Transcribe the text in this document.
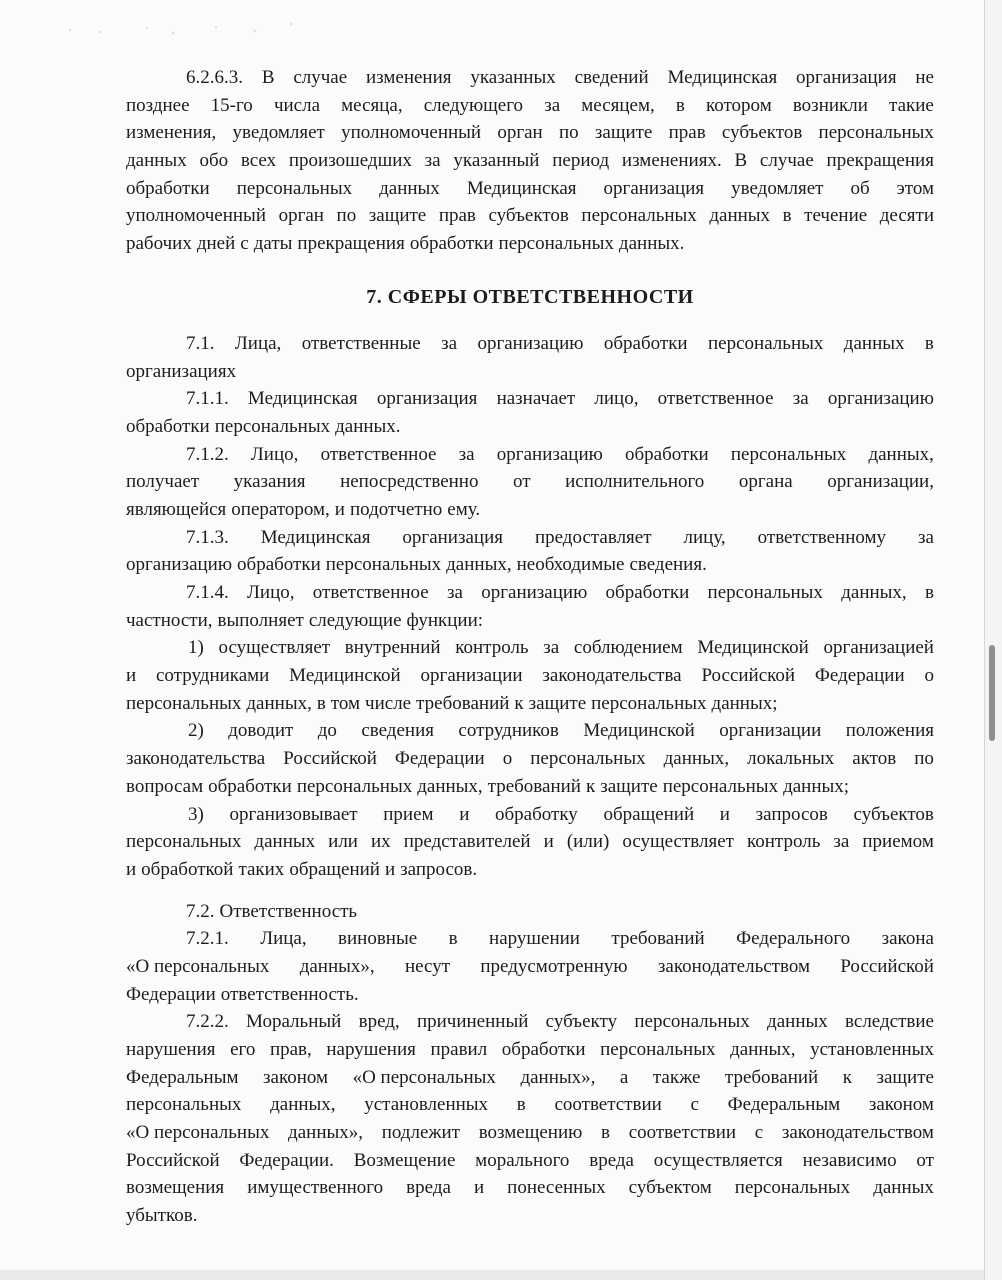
6.2.6.3. В случае изменения указанных сведений Медицинская организация не
позднее 15-го числа месяца, следующего за месяцем, в котором возникли такие
изменения, уведомляет уполномоченный орган по защите прав субъектов персональных
данных обо всех произошедших за указанный период изменениях. В случае прекращения
обработки персональных данных Медицинская организация уведомляет об этом
уполномоченный орган по защите прав субъектов персональных данных в течение десяти
рабочих дней с даты прекращения обработки персональных данных.
7. СФЕРЫ ОТВЕТСТВЕННОСТИ
7.1. Лица, ответственные за организацию обработки персональных данных в
организациях
7.1.1. Медицинская организация назначает лицо, ответственное за организацию
обработки персональных данных.
7.1.2. Лицо, ответственное за организацию обработки персональных данных,
получает указания непосредственно от исполнительного органа организации,
являющейся оператором, и подотчетно ему.
7.1.3. Медицинская организация предоставляет лицу, ответственному за
организацию обработки персональных данных, необходимые сведения.
7.1.4. Лицо, ответственное за организацию обработки персональных данных, в
частности, выполняет следующие функции:
1) осуществляет внутренний контроль за соблюдением Медицинской организацией
и сотрудниками Медицинской организации законодательства Российской Федерации о
персональных данных, в том числе требований к защите персональных данных;
2) доводит до сведения сотрудников Медицинской организации положения
законодательства Российской Федерации о персональных данных, локальных актов по
вопросам обработки персональных данных, требований к защите персональных данных;
3) организовывает прием и обработку обращений и запросов субъектов
персональных данных или их представителей и (или) осуществляет контроль за приемом
и обработкой таких обращений и запросов.
7.2. Ответственность
7.2.1. Лица, виновные в нарушении требований Федерального закона
«О персональных данных», несут предусмотренную законодательством Российской
Федерации ответственность.
7.2.2. Моральный вред, причиненный субъекту персональных данных вследствие
нарушения его прав, нарушения правил обработки персональных данных, установленных
Федеральным законом «О персональных данных», а также требований к защите
персональных данных, установленных в соответствии с Федеральным законом
«О персональных данных», подлежит возмещению в соответствии с законодательством
Российской Федерации. Возмещение морального вреда осуществляется независимо от
возмещения имущественного вреда и понесенных субъектом персональных данных
убытков.
